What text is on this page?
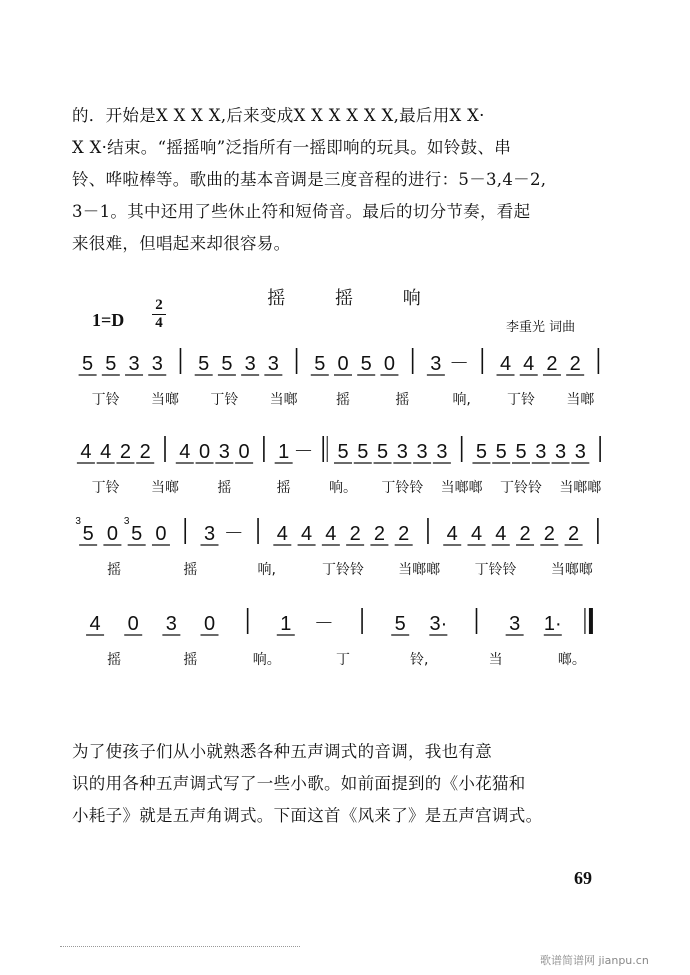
的．开始是X X X X,后来变成X X X X X X,最后用X X·
X X·结束。“摇摇响”泛指所有一摇即响的玩具。如铃鼓、串
铃、哗啦棒等。歌曲的基本音调是三度音程的进行：5－3,4－2,
3－1。其中还用了些休止符和短倚音。最后的切分节奏，看起
来很难，但唱起来却很容易。
摇 摇 响
1=D
2
4	李重光 词曲
5 5 3 3 5 5 3 3 5 0 5 0 3 － 4 4 2 2
丁铃 当啷 丁铃 当啷	摇	摇	响,	丁铃 当啷
4 4 2 2 4 0 3 0 1 － 5 5 5 3 3 3 5 5 5 3 3 3
丁铃 当啷	摇	摇	响。 丁铃铃 当啷啷 丁铃铃 当啷啷
5
3
0 5
3
0 3 － 4 4 4 2 2 2 4 4 4 2 2 2
摇	摇	响,	丁铃铃 当啷啷 丁铃铃 当啷啷
4 0 3 0	1 －	5 3·	3 1·
摇	摇	响。	丁	铃,	当	啷。
为了使孩子们从小就熟悉各种五声调式的音调，我也有意
识的用各种五声调式写了一些小歌。如前面提到的《小花猫和
小耗子》就是五声角调式。下面这首《风来了》是五声宫调式。
69
歌谱简谱网 jianpu.cn
